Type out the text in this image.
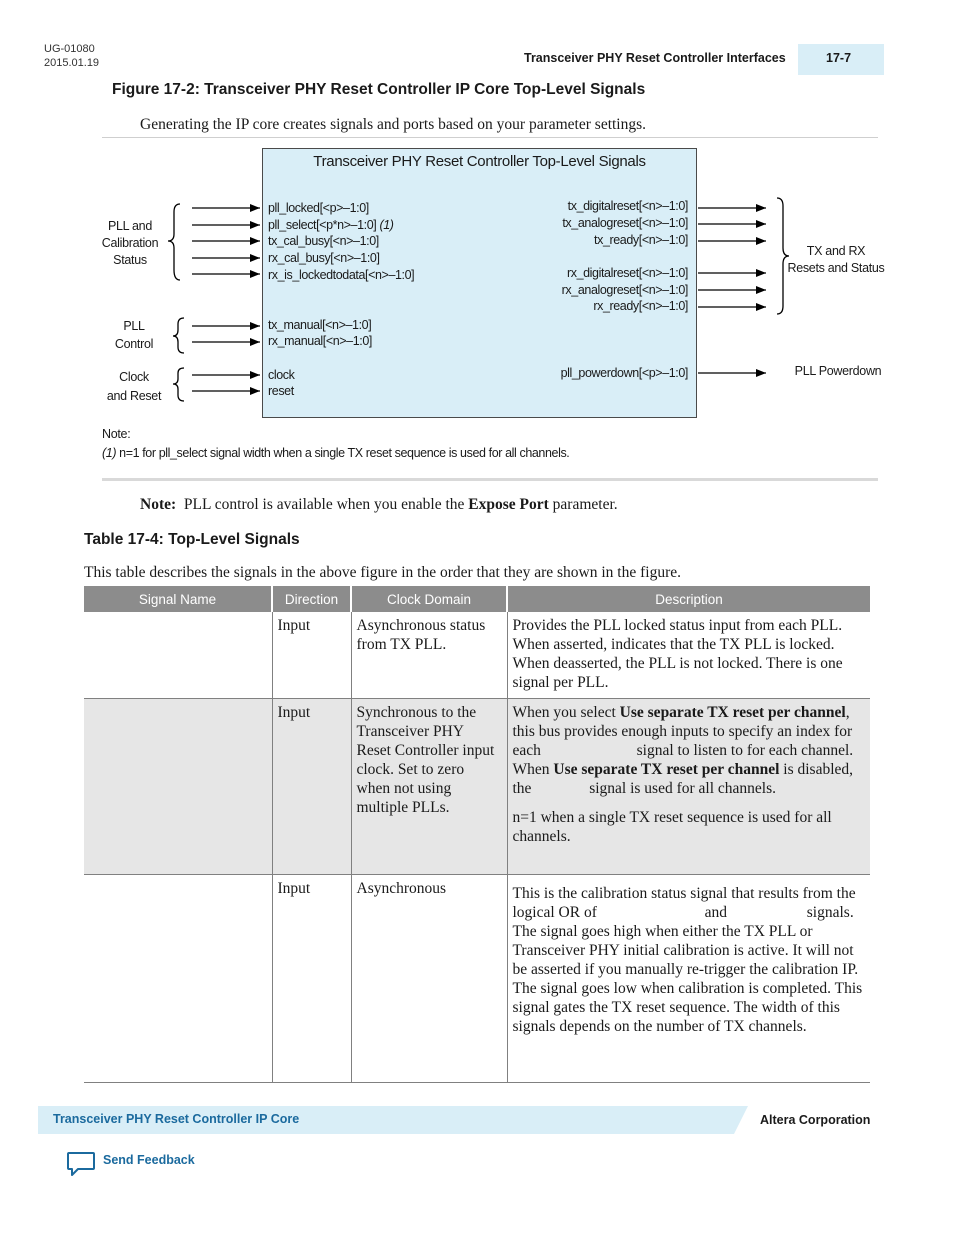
UG-01080
2015.01.19	Transceiver PHY Reset Controller Interfaces	17-7
Figure 17-2: Transceiver PHY Reset Controller IP Core Top-Level Signals
Generating the IP core creates signals and ports based on your parameter settings.
Transceiver PHY Reset Controller Top-Level Signals
pll_locked[<p>–1:0]
pll_select[<p*n>–1:0] (1)
tx_cal_busy[<n>–1:0]
rx_cal_busy[<n>–1:0]
rx_is_lockedtodata[<n>–1:0]
tx_manual[<n>–1:0]
rx_manual[<n>–1:0]
clock
reset
tx_digitalreset[<n>–1:0]
tx_analogreset[<n>–1:0]
tx_ready[<n>–1:0]
rx_digitalreset[<n>–1:0]
rx_analogreset[<n>–1:0]
rx_ready[<n>–1:0]
pll_powerdown[<p>–1:0]
PLL and
Calibration
Status
PLL
Control
Clock
and Reset
TX and RX
Resets and Status
PLL Powerdown
Note:
(1) n=1 for pll_select signal width when a single TX reset sequence is used for all channels.
Note: PLL control is available when you enable the Expose Port parameter.
Table 17-4: Top-Level Signals
This table describes the signals in the above figure in the order that they are shown in the figure.
Signal Name	Direction	Clock Domain	Description
	Input	Asynchronous status from TX PLL.	Provides the PLL locked status input from each PLL. When asserted, indicates that the TX PLL is locked. When deasserted, the PLL is not locked. There is one signal per PLL.
	Input	Synchronous to the Transceiver PHY Reset Controller input clock. Set to zero when not using multiple PLLs.	When you select Use separate TX reset per channel, this bus provides enough inputs to specify an index for each signal to listen to for each channel. When Use separate TX reset per channel is disabled, the signal is used for all channels.

n=1 when a single TX reset sequence is used for all channels.

	Input	Asynchronous	This is the calibration status signal that results from the logical OR of and signals. The signal goes high when either the TX PLL or Transceiver PHY initial calibration is active. It will not be asserted if you manually re-trigger the calibration IP. The signal goes low when calibration is completed. This signal gates the TX reset sequence. The width of this signals depends on the number of TX channels.
Transceiver PHY Reset Controller IP Core	Altera Corporation
Send Feedback
